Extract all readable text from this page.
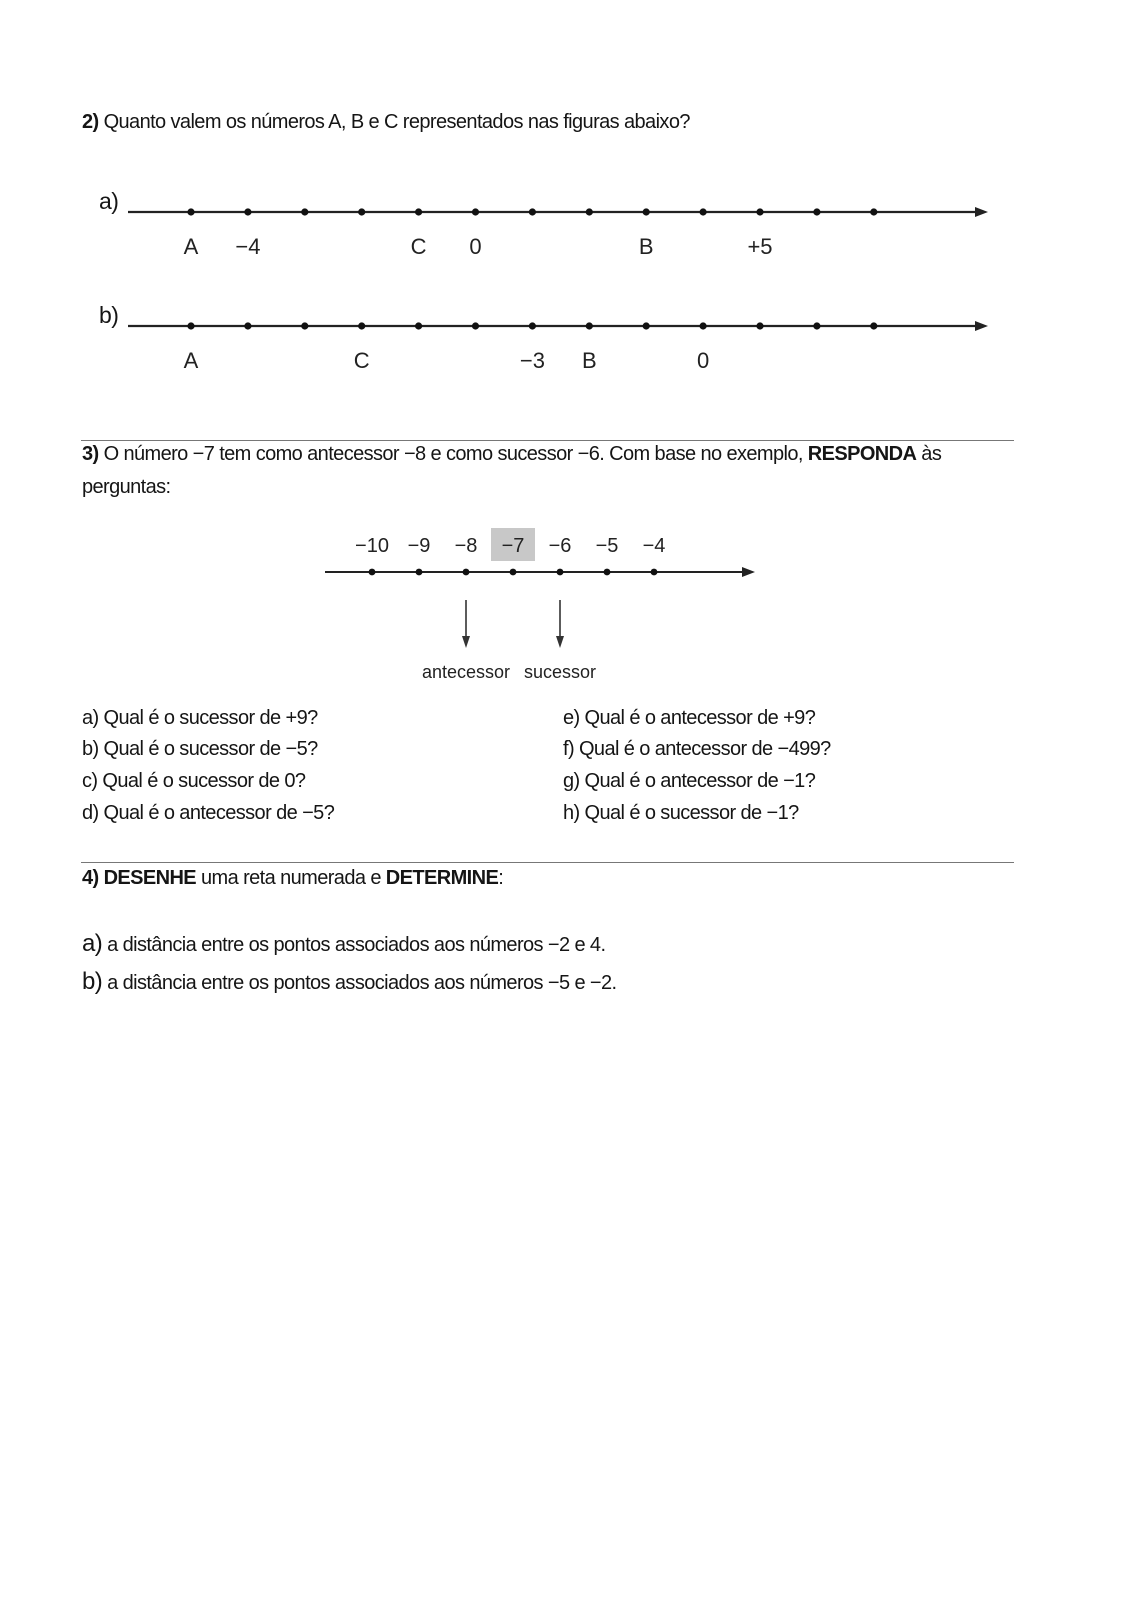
2) Quanto valem os números A, B e C representados nas figuras abaixo?
a)
A −4	C 0	B	+5
b)
A	C	−3 B	0
3) O número −7 tem como antecessor −8 e como sucessor −6. Com base no exemplo, RESPONDA às
perguntas:
−10 −9 −8 −7 −6 −5 −4
antecessor sucessor
a) Qual é o sucessor de +9?
b) Qual é o sucessor de −5?
c) Qual é o sucessor de 0?
d) Qual é o antecessor de −5?
e) Qual é o antecessor de +9?
f) Qual é o antecessor de −499?
g) Qual é o antecessor de −1?
h) Qual é o sucessor de −1?
4) DESENHE uma reta numerada e DETERMINE:
a) a distância entre os pontos associados aos números −2 e 4.
b) a distância entre os pontos associados aos números −5 e −2.
